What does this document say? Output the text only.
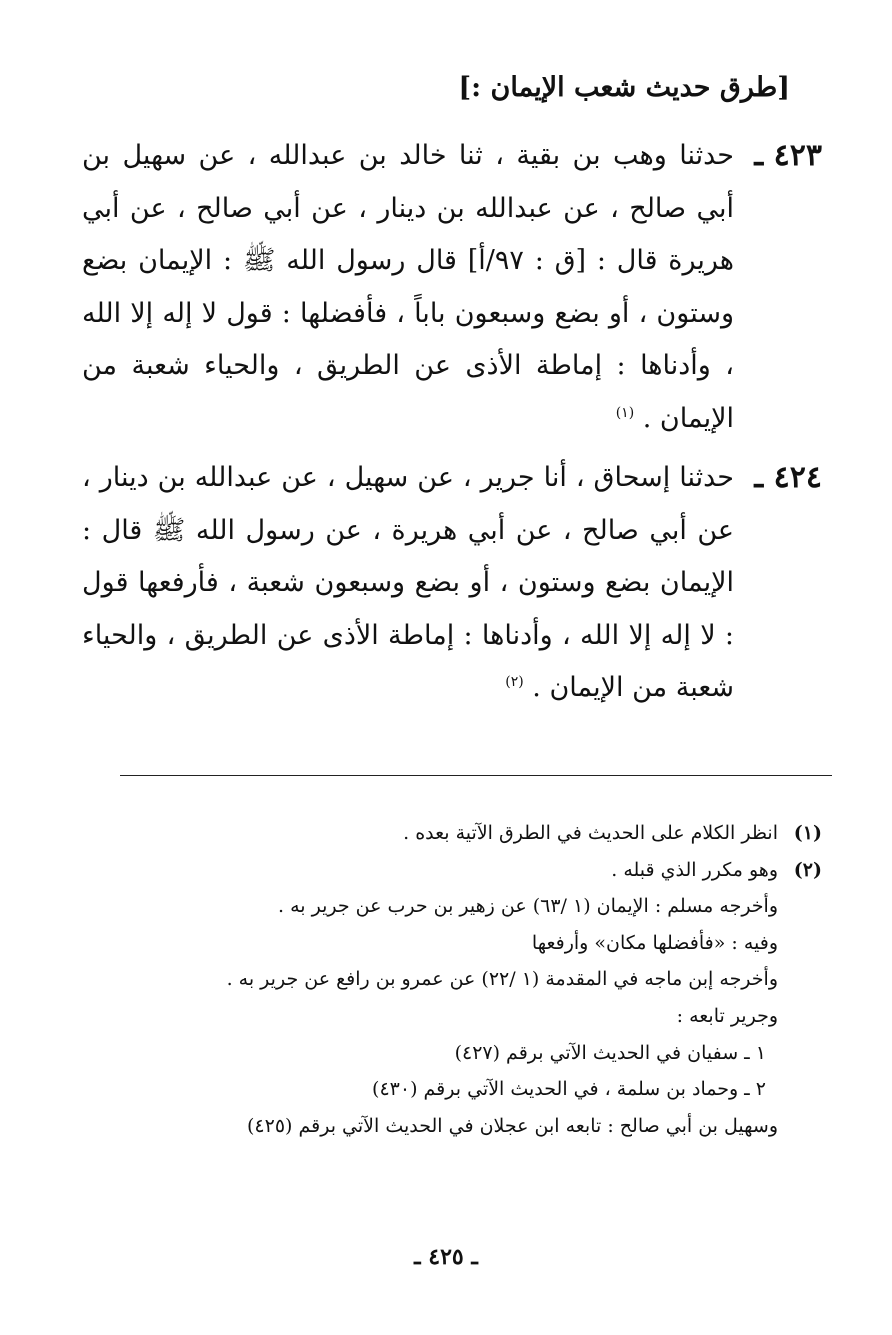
[طرق حديث شعب الإيمان :]
٤٢٣ ـ
حدثنا وهب بن بقية ، ثنا خالد بن عبدالله ، عن سهيل بن أبي صالح ، عن عبدالله بن دينار ، عن أبي صالح ، عن أبي هريرة قال : [ق : ٩٧/أ] قال رسول الله ﷺ : الإيمان بضع وستون ، أو بضع وسبعون باباً ، فأفضلها : قول لا إله إلا الله ، وأدناها : إماطة الأذى عن الطريق ، والحياء شعبة من الإيمان . $^{(١)}$
٤٢٤ ـ
حدثنا إسحاق ، أنا جرير ، عن سهيل ، عن عبدالله بن دينار ، عن أبي صالح ، عن أبي هريرة ، عن رسول الله ﷺ قال : الإيمان بضع وستون ، أو بضع وسبعون شعبة ، فأرفعها قول : لا إله إلا الله ، وأدناها : إماطة الأذى عن الطريق ، والحياء شعبة من الإيمان . $^{(٢)}$
(١)
انظر الكلام على الحديث في الطرق الآتية بعده .
(٢)
وهو مكرر الذي قبله .
وأخرجه مسلم : الإيمان (١ /٦٣) عن زهير بن حرب عن جرير به .
وفيه : «فأفضلها مكان» وأرفعها
وأخرجه إبن ماجه في المقدمة (١ /٢٢) عن عمرو بن رافع عن جرير به .
وجرير تابعه :
١ ـ سفيان في الحديث الآتي برقم (٤٢٧)
٢ ـ وحماد بن سلمة ، في الحديث الآتي برقم (٤٣٠)
وسهيل بن أبي صالح : تابعه ابن عجلان في الحديث الآتي برقم (٤٢٥)
ـ ٤٢٥ ـ
